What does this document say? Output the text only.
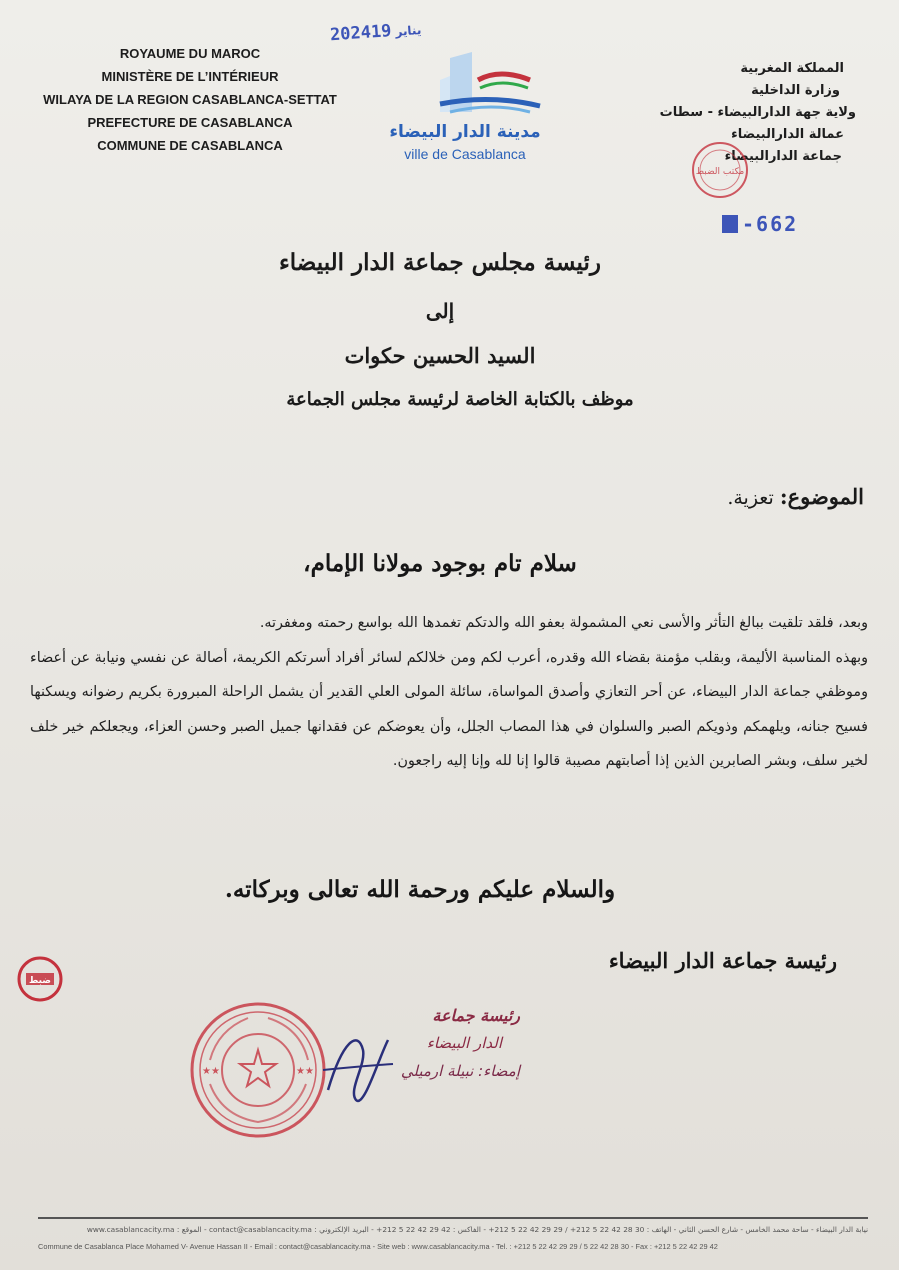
ROYAUME DU MAROC
MINISTÈRE DE L’INTÉRIEUR
WILAYA DE LA REGION CASABLANCA-SETTAT
PREFECTURE DE CASABLANCA
COMMUNE DE CASABLANCA
2024 يناير19
مدينة الدار البيضاء
ville de Casablanca
المملكة المغربية
وزارة الداخلية
ولاية جهة الدارالبيضاء - سطات
عمالة الدارالبيضاء
جماعة الدارالبيضاء
مكتب الضبط
-662
رئيسة مجلس جماعة الدار البيضاء
إلى
السيد الحسين حكوات
موظف بالكتابة الخاصة لرئيسة مجلس الجماعة
الموضوع: تعزية.
سلام تام بوجود مولانا الإمام،

وبعد، فلقد تلقيت ببالغ التأثر والأسى نعي المشمولة بعفو الله والدتكم تغمدها الله بواسع رحمته ومغفرته.

وبهذه المناسبة الأليمة، وبقلب مؤمنة بقضاء الله وقدره، أعرب لكم ومن خلالكم لسائر أفراد أسرتكم الكريمة، أصالة عن نفسي ونيابة عن أعضاء وموظفي جماعة الدار البيضاء، عن أحر التعازي وأصدق المواساة، سائلة المولى العلي القدير أن يشمل الراحلة المبرورة بكريم رضوانه ويسكنها فسيح جنانه، ويلهمكم وذويكم الصبر والسلوان في هذا المصاب الجلل، وأن يعوضكم عن فقدانها جميل الصبر وحسن العزاء، ويجعلكم خير خلف لخير سلف، وبشر الصابرين الذين إذا أصابتهم مصيبة قالوا إنا لله وإنا إليه راجعون.

والسلام عليكم ورحمة الله تعالى وبركاته.
ضبط
رئيسة جماعة الدار البيضاء
★★	★★
رئيسة جماعة
الدار البيضاء
إمضاء: نبيلة ارميلي
نيابة الدار البيضاء - ساحة محمد الخامس - شارع الحسن الثاني - الهاتف : 30 28 42 22 5 212+ / 29 29 42 22 5 212+ - الفاكس : 42 29 42 22 5 212+ - البريد الإلكتروني : contact@casablancacity.ma - الموقع : www.casablancacity.ma
Commune de Casablanca Place Mohamed V- Avenue Hassan II - Email : contact@casablancacity.ma - Site web : www.casablancacity.ma - Tel. : +212 5 22 42 29 29 / 5 22 42 28 30 - Fax : +212 5 22 42 29 42
